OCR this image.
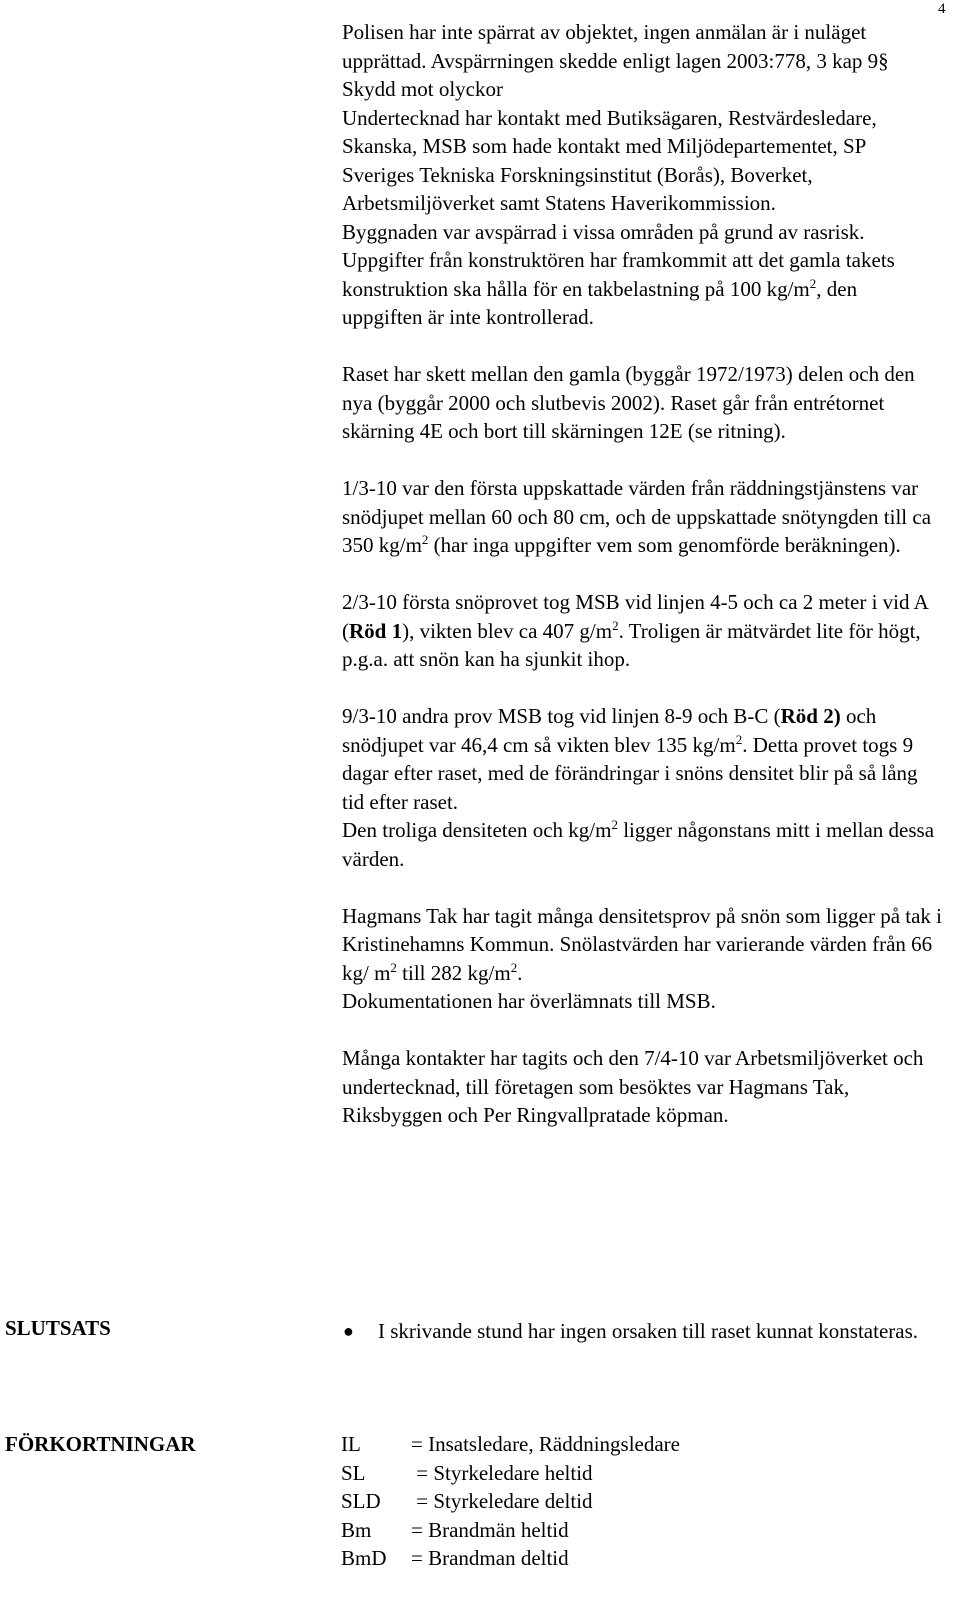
4

Polisen har inte spärrat av objektet, ingen anmälan är i nuläget upprättad. Avspärrningen skedde enligt lagen 2003:778, 3 kap 9§ Skydd mot olyckor

Undertecknad har kontakt med Butiksägaren, Restvärdesledare, Skanska, MSB som hade kontakt med Miljödepartementet, SP Sveriges Tekniska Forskningsinstitut (Borås), Boverket, Arbetsmiljöverket samt Statens Haverikommission.

Byggnaden var avspärrad i vissa områden på grund av rasrisk.

Uppgifter från konstruktören har framkommit att det gamla takets konstruktion ska hålla för en takbelastning på 100 $kg/m^2$, den uppgiften är inte kontrollerad.

Raset har skett mellan den gamla (byggår 1972/1973) delen och den nya (byggår 2000 och slutbevis 2002). Raset går från entrétornet skärning 4E och bort till skärningen 12E (se ritning).

1/3-10 var den första uppskattade värden från räddningstjänstens var snödjupet mellan 60 och 80 cm, och de uppskattade snötyngden till ca 350 $kg/m^2$ (har inga uppgifter vem som genomförde beräkningen).

2/3-10 första snöprovet tog MSB vid linjen 4-5 och ca 2 meter i vid A (Röd 1), vikten blev ca 407 $g/m^2$. Troligen är mätvärdet lite för högt, p.g.a. att snön kan ha sjunkit ihop.

9/3-10 andra prov MSB tog vid linjen 8-9 och B-C (Röd 2) och snödjupet var 46,4 cm så vikten blev 135 $kg/m^2$. Detta provet togs 9 dagar efter raset, med de förändringar i snöns densitet blir på så lång tid efter raset.

Den troliga densiteten och $kg/m^2$ ligger någonstans mitt i mellan dessa värden.

Hagmans Tak har tagit många densitetsprov på snön som ligger på tak i Kristinehamns Kommun. Snölastvärden har varierande värden från 66 kg/ $m^2$ till 282 $kg/m^2$.

Dokumentationen har överlämnats till MSB.

Många kontakter har tagits och den 7/4-10 var Arbetsmiljöverket och undertecknad, till företagen som besöktes var Hagmans Tak, Riksbyggen och Per Ringvallpratade köpman.

SLUTSATS	● I skrivande stund har ingen orsaken till raset kunnat konstateras.
FÖRKORTNINGAR	IL	= Insatsledare, Räddningsledare
SL	= Styrkeledare heltid
SLD	= Styrkeledare deltid
Bm	= Brandmän heltid
BmD	= Brandman deltid
